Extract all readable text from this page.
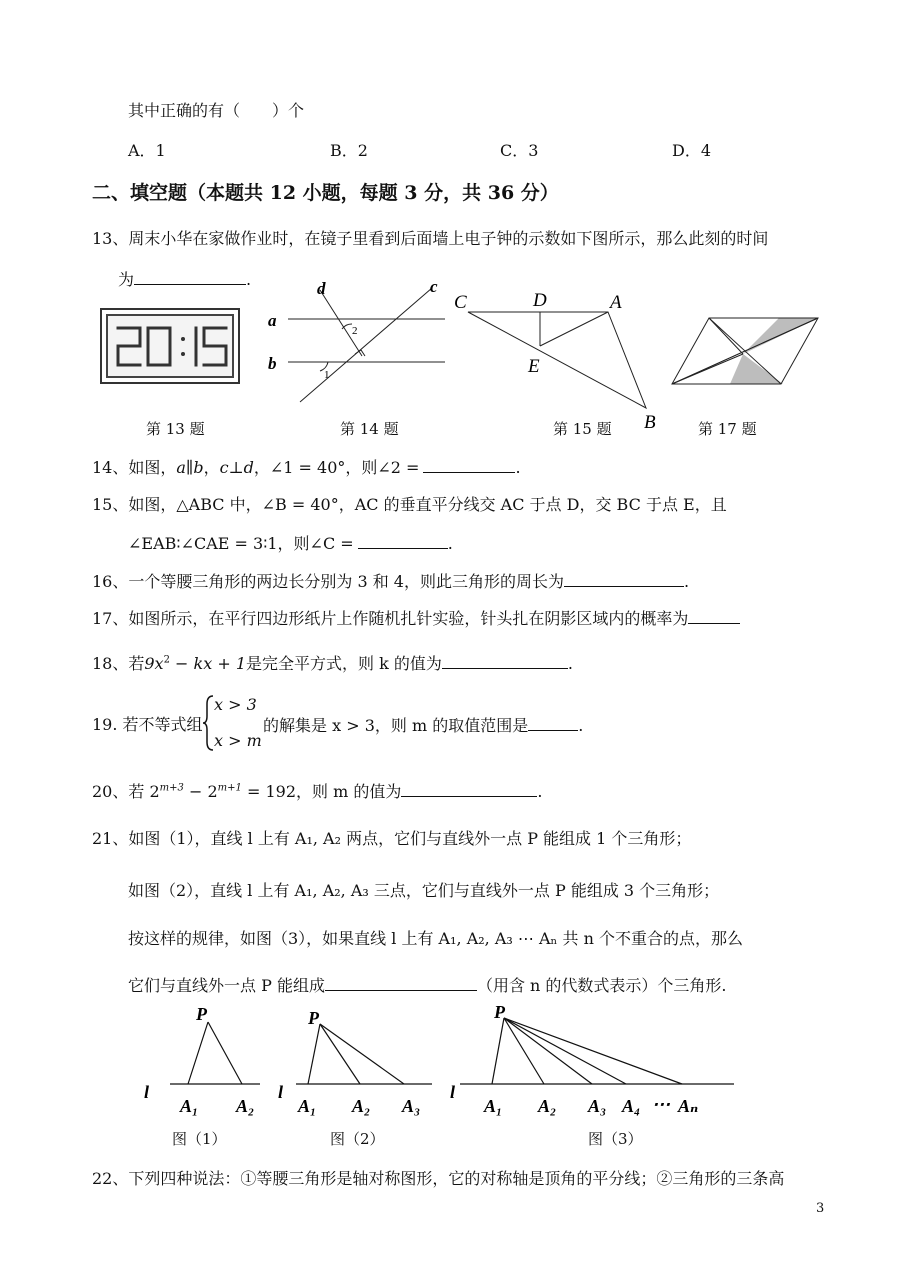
其中正确的有（　　）个
A．1	B．2	C．3	D．4
二、填空题（本题共 12 小题，每题 3 分，共 36 分）
13、周末小华在家做作业时，在镜子里看到后面墙上电子钟的示数如下图所示，那么此刻的时间
为	.	d	c
a
b
2
1
C	D	A
E
B
第 13 题	第 14 题	第 15 题	第 17 题
14、如图，a∥b，c⊥d，∠1 = 40°，则∠2 =	.
15、如图，△ABC 中，∠B = 40°，AC 的垂直平分线交 AC 于点 D，交 BC 于点 E，且
∠EAB∶∠CAE = 3∶1，则∠C =	.
16、一个等腰三角形的两边长分别为 3 和 4，则此三角形的周长为	.
17、如图所示，在平行四边形纸片上作随机扎针实验，针头扎在阴影区域内的概率为
18、若$9x^2$ − kx + 1是完全平方式，则 k 的值为	.
19. 若不等式组
x > 3
x > m
的解集是 x > 3，则 m 的取值范围是	.
20、若 $2^{m+3} - 2^{m+1} = 192$，则 m 的值为	.
21、如图（1），直线 l 上有 A₁, A₂ 两点，它们与直线外一点 P 能组成 1 个三角形；
如图（2），直线 l 上有 A₁, A₂, A₃ 三点，它们与直线外一点 P 能组成 3 个三角形；
按这样的规律，如图（3），如果直线 l 上有 A₁, A₂, A₃ ⋯ Aₙ 共 n 个不重合的点，那么
它们与直线外一点 P 能组成	（用含 n 的代数式表示）个三角形.
P
l
A₁ A₂
P
l
A₁ A₂ A₃
P
l
A₁ A₂ A₃ A₄ ⋯ Aₙ
图（1）	图（2）	图（3）
22、下列四种说法：①等腰三角形是轴对称图形，它的对称轴是顶角的平分线；②三角形的三条高
3
